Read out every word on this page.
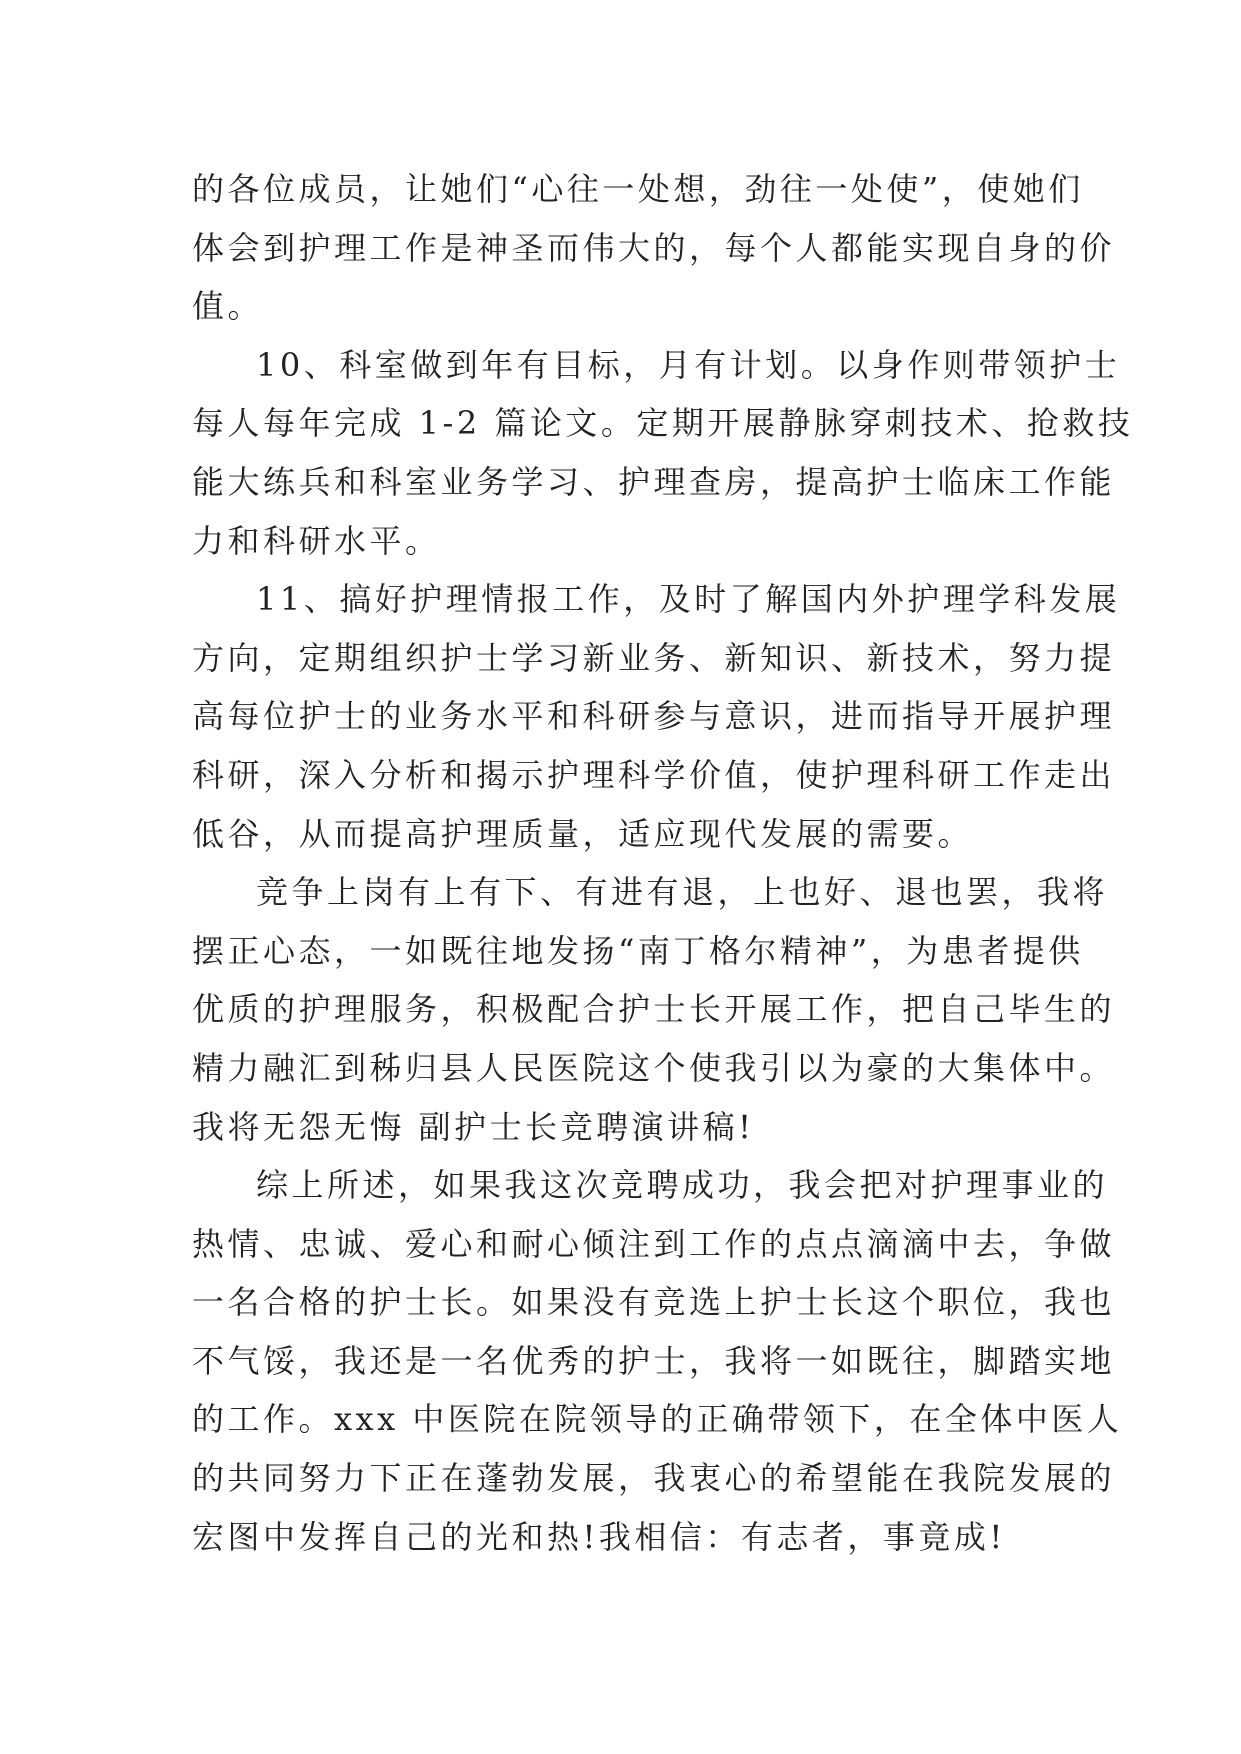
的各位成员，让她们“心往一处想，劲往一处使”，使她们
体会到护理工作是神圣而伟大的，每个人都能实现自身的价
值。
10、科室做到年有目标，月有计划。以身作则带领护士
每人每年完成 1-2 篇论文。定期开展静脉穿刺技术、抢救技
能大练兵和科室业务学习、护理查房，提高护士临床工作能
力和科研水平。
11、搞好护理情报工作，及时了解国内外护理学科发展
方向，定期组织护士学习新业务、新知识、新技术，努力提
高每位护士的业务水平和科研参与意识，进而指导开展护理
科研，深入分析和揭示护理科学价值，使护理科研工作走出
低谷，从而提高护理质量，适应现代发展的需要。
竞争上岗有上有下、有进有退，上也好、退也罢，我将
摆正心态，一如既往地发扬“南丁格尔精神”，为患者提供
优质的护理服务，积极配合护士长开展工作，把自己毕生的
精力融汇到秭归县人民医院这个使我引以为豪的大集体中。
我将无怨无悔 副护士长竞聘演讲稿!
综上所述，如果我这次竞聘成功，我会把对护理事业的
热情、忠诚、爱心和耐心倾注到工作的点点滴滴中去，争做
一名合格的护士长。如果没有竞选上护士长这个职位，我也
不气馁，我还是一名优秀的护士，我将一如既往，脚踏实地
的工作。xxx 中医院在院领导的正确带领下，在全体中医人
的共同努力下正在蓬勃发展，我衷心的希望能在我院发展的
宏图中发挥自己的光和热!我相信：有志者，事竟成!
